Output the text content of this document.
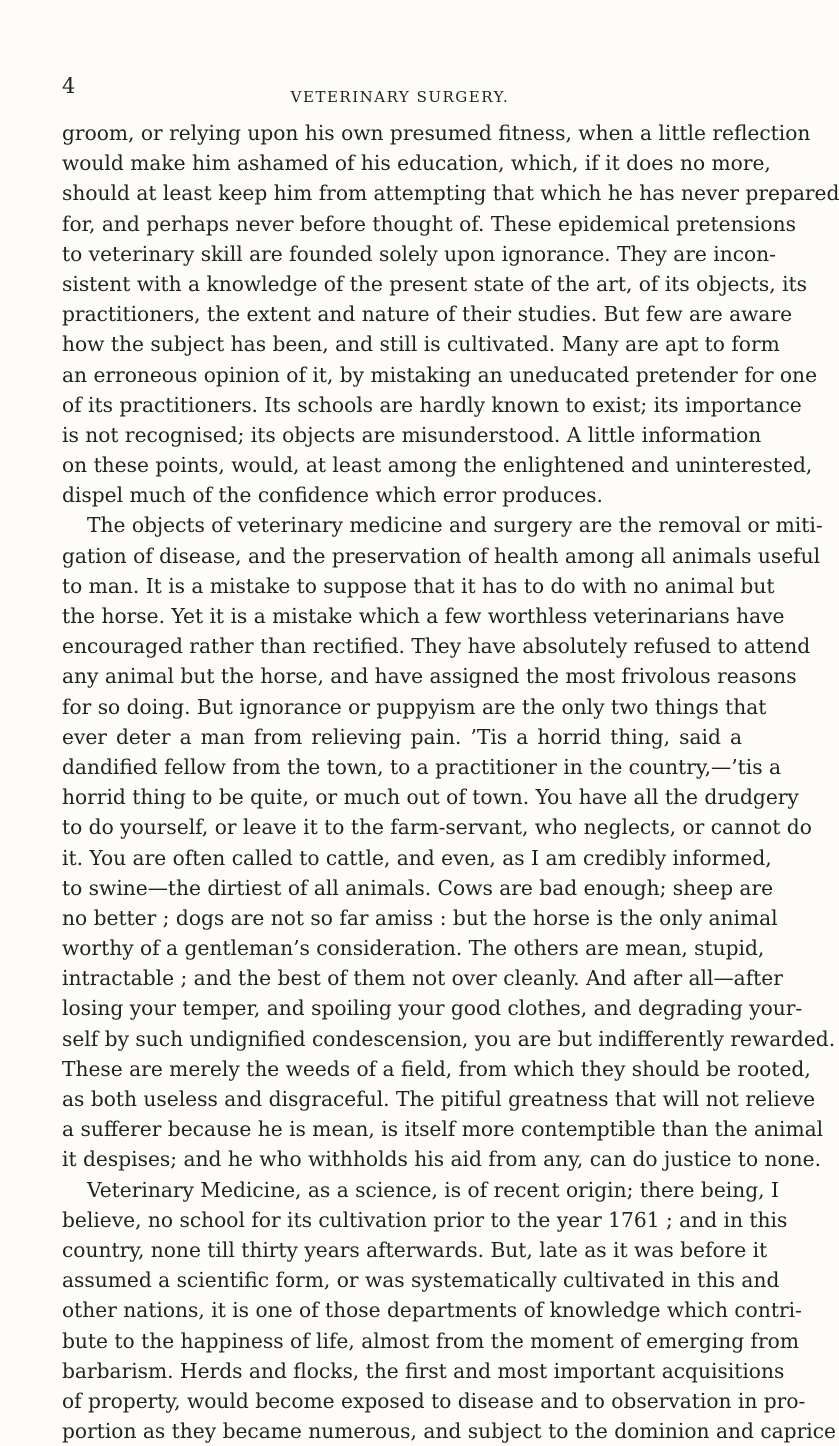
4	VETERINARY SURGERY.
groom, or relying upon his own presumed fitness, when a little reflection
would make him ashamed of his education, which, if it does no more,
should at least keep him from attempting that which he has never prepared
for, and perhaps never before thought of. These epidemical pretensions
to veterinary skill are founded solely upon ignorance. They are incon-
sistent with a knowledge of the present state of the art, of its objects, its
practitioners, the extent and nature of their studies. But few are aware
how the subject has been, and still is cultivated. Many are apt to form
an erroneous opinion of it, by mistaking an uneducated pretender for one
of its practitioners. Its schools are hardly known to exist; its importance
is not recognised; its objects are misunderstood. A little information
on these points, would, at least among the enlightened and uninterested,
dispel much of the confidence which error produces.
The objects of veterinary medicine and surgery are the removal or miti-
gation of disease, and the preservation of health among all animals useful
to man. It is a mistake to suppose that it has to do with no animal but
the horse. Yet it is a mistake which a few worthless veterinarians have
encouraged rather than rectified. They have absolutely refused to attend
any animal but the horse, and have assigned the most frivolous reasons
for so doing. But ignorance or puppyism are the only two things that
ever deter a man from relieving pain. ’Tis a horrid thing, said a
dandified fellow from the town, to a practitioner in the country,—’tis a
horrid thing to be quite, or much out of town. You have all the drudgery
to do yourself, or leave it to the farm-servant, who neglects, or cannot do
it. You are often called to cattle, and even, as I am credibly informed,
to swine—the dirtiest of all animals. Cows are bad enough; sheep are
no better ; dogs are not so far amiss : but the horse is the only animal
worthy of a gentleman’s consideration. The others are mean, stupid,
intractable ; and the best of them not over cleanly. And after all—after
losing your temper, and spoiling your good clothes, and degrading your-
self by such undignified condescension, you are but indifferently rewarded.
These are merely the weeds of a field, from which they should be rooted,
as both useless and disgraceful. The pitiful greatness that will not relieve
a sufferer because he is mean, is itself more contemptible than the animal
it despises; and he who withholds his aid from any, can do justice to none.
Veterinary Medicine, as a science, is of recent origin; there being, I
believe, no school for its cultivation prior to the year 1761 ; and in this
country, none till thirty years afterwards. But, late as it was before it
assumed a scientific form, or was systematically cultivated in this and
other nations, it is one of those departments of knowledge which contri-
bute to the happiness of life, almost from the moment of emerging from
barbarism. Herds and flocks, the first and most important acquisitions
of property, would become exposed to disease and to observation in pro-
portion as they became numerous, and subject to the dominion and caprice
